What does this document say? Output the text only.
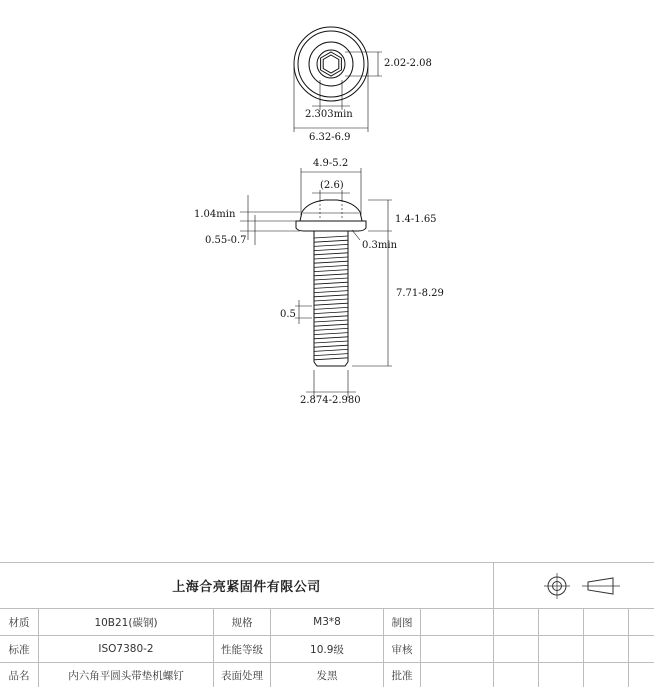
2.02-2.08
2.303min
6.32-6.9
4.9-5.2
(2.6)
1.04min
0.55-0.7
1.4-1.65
0.3min
0.5
7.71-8.29
2.874-2.980
上海合亮紧固件有限公司
材质	10B21(碳钢)	规格	M3*8	制图
标准	ISO7380-2	性能等级	10.9级	审核
品名	内六角平圆头带垫机螺钉	表面处理	发黑	批准
